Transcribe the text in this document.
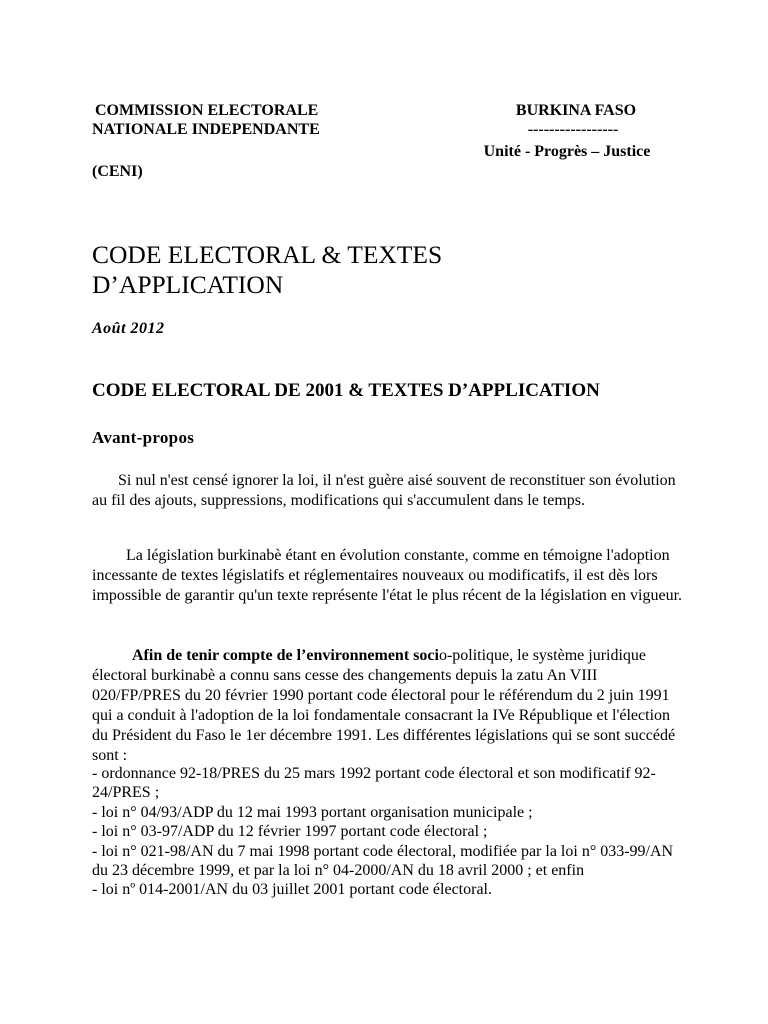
COMMISSION ELECTORALE
NATIONALE INDEPENDANTE
(CENI)
BURKINA FASO
-----------------
Unité - Progrès – Justice
CODE ELECTORAL & TEXTES
D’APPLICATION
Août 2012
CODE ELECTORAL DE 2001 & TEXTES D’APPLICATION
Avant-propos

Si nul n'est censé ignorer la loi, il n'est guère aisé souvent de reconstituer son évolution au fil des ajouts, suppressions, modifications qui s'accumulent dans le temps.

La législation burkinabè étant en évolution constante, comme en témoigne l'adoption incessante de textes législatifs et réglementaires nouveaux ou modificatifs, il est dès lors impossible de garantir qu'un texte représente l'état le plus récent de la législation en vigueur.

Afin de tenir compte de l’environnement socio-politique, le système juridique électoral burkinabè a connu sans cesse des changements depuis la zatu An VIII 020/FP/PRES du 20 février 1990 portant code électoral pour le référendum du 2 juin 1991 qui a conduit à l'adoption de la loi fondamentale consacrant la IVe République et l'élection du Président du Faso le 1er décembre 1991. Les différentes législations qui se sont succédé sont :

- ordonnance 92-18/PRES du 25 mars 1992 portant code électoral et son modificatif 92-24/PRES ;
- loi n° 04/93/ADP du 12 mai 1993 portant organisation municipale ;
- loi n° 03-97/ADP du 12 février 1997 portant code électoral ;
- loi n° 021-98/AN du 7 mai 1998 portant code électoral, modifiée par la loi n° 033-99/AN du 23 décembre 1999, et par la loi n° 04-2000/AN du 18 avril 2000 ; et enfin
- loi nº 014-2001/AN du 03 juillet 2001 portant code électoral.
